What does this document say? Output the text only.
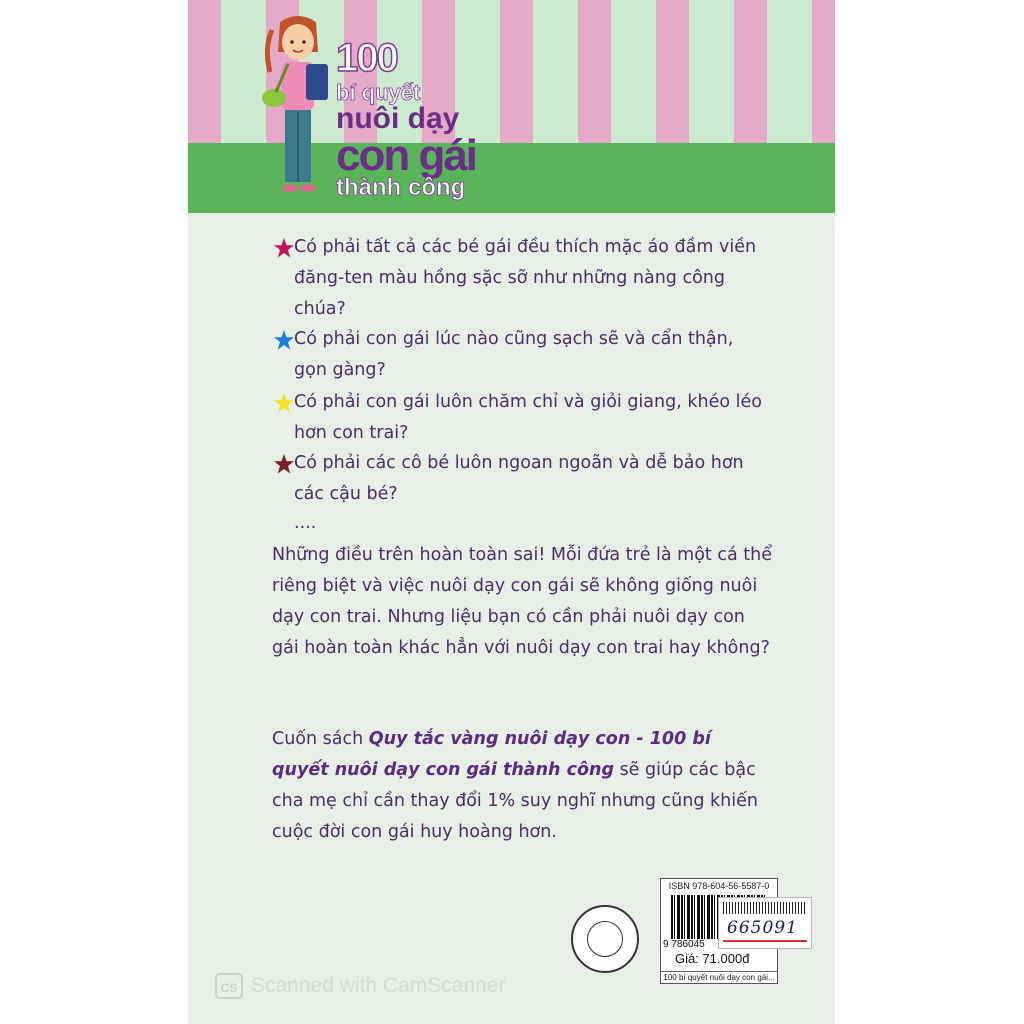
100
bí quyết
nuôi dạy
con gái
thành công
Có phải tất cả các bé gái đều thích mặc áo đầm viền đăng-ten màu hồng sặc sỡ như những nàng công chúa?
Có phải con gái lúc nào cũng sạch sẽ và cẩn thận, gọn gàng?
Có phải con gái luôn chăm chỉ và giỏi giang, khéo léo hơn con trai?
Có phải các cô bé luôn ngoan ngoãn và dễ bảo hơn các cậu bé?
....
Những điều trên hoàn toàn sai! Mỗi đứa trẻ là một cá thể riêng biệt và việc nuôi dạy con gái sẽ không giống nuôi dạy con trai. Nhưng liệu bạn có cần phải nuôi dạy con gái hoàn toàn khác hẳn với nuôi dạy con trai hay không?
Cuốn sách Quy tắc vàng nuôi dạy con - 100 bí quyết nuôi dạy con gái thành công sẽ giúp các bậc cha mẹ chỉ cần thay đổi 1% suy nghĩ nhưng cũng khiến cuộc đời con gái huy hoàng hơn.
ISBN 978-604-56-5587-0
9 786045
Giá: 71.000đ
100 bí quyết nuôi dạy con gái...
665091
CS Scanned with CamScanner
